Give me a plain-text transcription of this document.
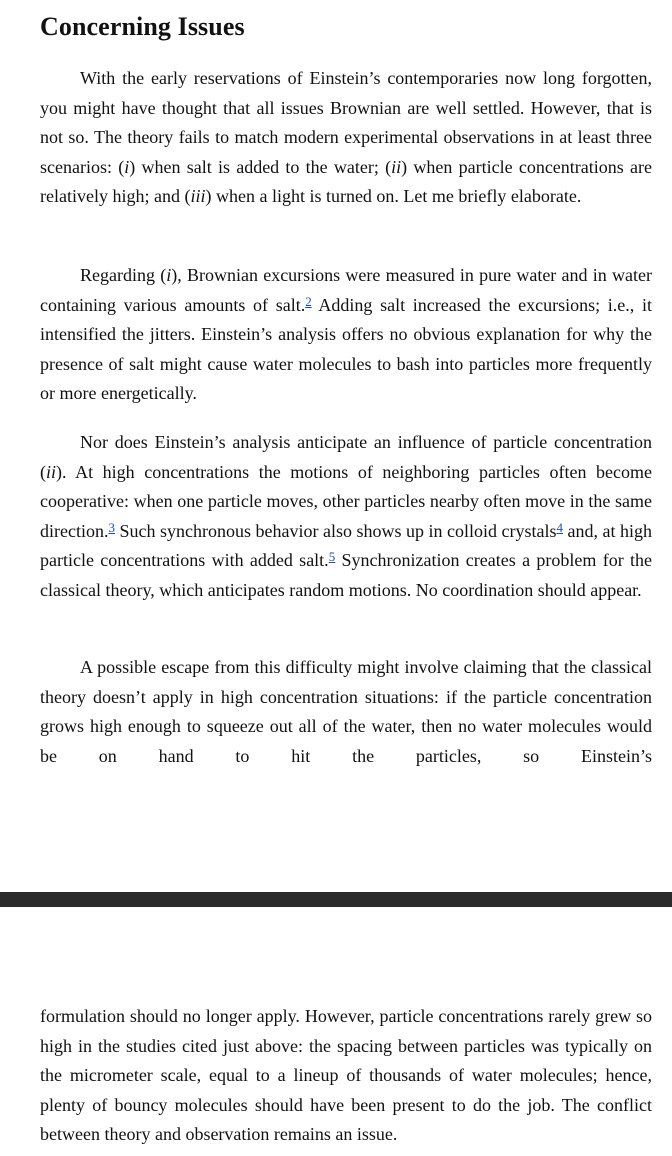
Concerning Issues

With the early reservations of Einstein’s contemporaries now long forgotten, you might have thought that all issues Brownian are well settled. However, that is not so. The theory fails to match modern experimental observations in at least three scenarios: (i) when salt is added to the water; (ii) when particle concentrations are relatively high; and (iii) when a light is turned on. Let me briefly elaborate.

Regarding (i), Brownian excursions were measured in pure water and in water containing various amounts of salt.$^2$ Adding salt increased the excursions; i.e., it intensified the jitters. Einstein’s analysis offers no obvious explanation for why the presence of salt might cause water molecules to bash into particles more frequently or more energetically.

Nor does Einstein’s analysis anticipate an influence of particle concentration (ii). At high concentrations the motions of neighboring particles often become cooperative: when one particle moves, other particles nearby often move in the same direction.$^3$ Such synchronous behavior also shows up in colloid crystals$^4$ and, at high particle concentrations with added salt.$^5$ Synchronization creates a problem for the classical theory, which anticipates random motions. No coordination should appear.

A possible escape from this difficulty might involve claiming that the classical theory doesn’t apply in high concentration situations: if the particle concentration grows high enough to squeeze out all of the water, then no water molecules would be on hand to hit the particles, so Einstein’s

formulation should no longer apply. However, particle concentrations rarely grew so high in the studies cited just above: the spacing between particles was typically on the micrometer scale, equal to a lineup of thousands of water molecules; hence, plenty of bouncy molecules should have been present to do the job. The conflict between theory and observation remains an issue.
